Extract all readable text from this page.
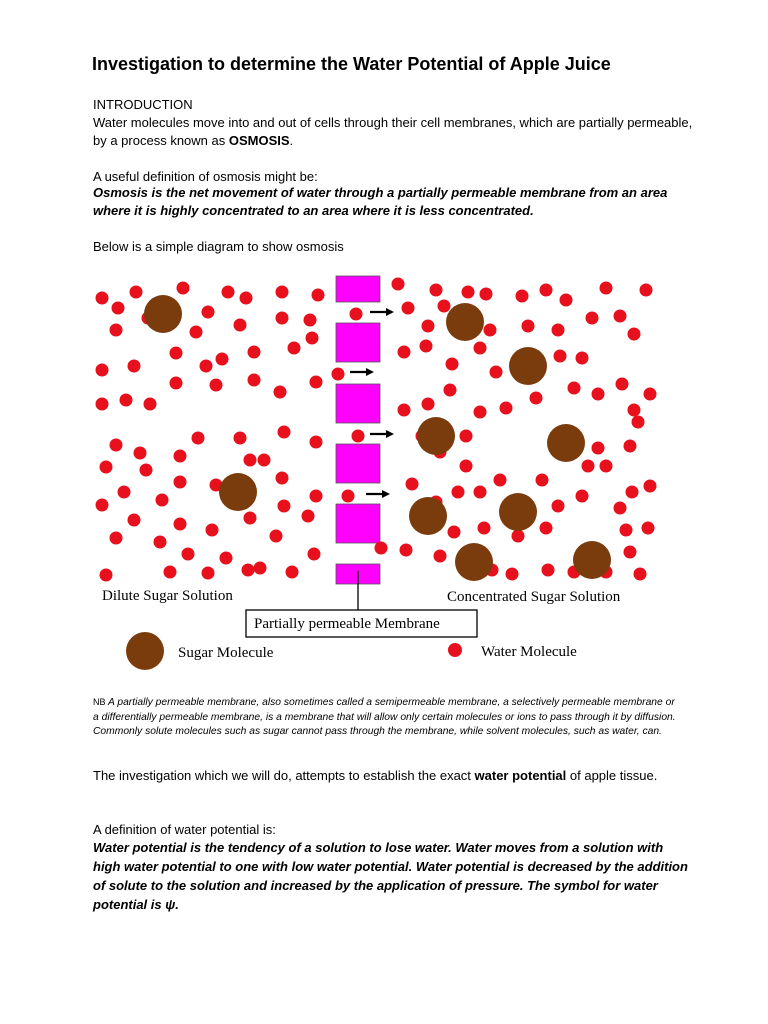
Investigation to determine the Water Potential of Apple Juice
INTRODUCTION
Water molecules move into and out of cells through their cell membranes, which are partially permeable, by a process known as OSMOSIS.
A useful definition of osmosis might be:
Osmosis is the net movement of water through a partially permeable membrane from an area where it is highly concentrated to an area where it is less concentrated.
Below is a simple diagram to show osmosis
Dilute Sugar Solution	Concentrated Sugar Solution
Partially permeable Membrane
Sugar Molecule	Water Molecule
NB A partially permeable membrane, also sometimes called a semipermeable membrane, a selectively permeable membrane or a differentially permeable membrane, is a membrane that will allow only certain molecules or ions to pass through it by diffusion. Commonly solute molecules such as sugar cannot pass through the membrane, while solvent molecules, such as water, can.
The investigation which we will do, attempts to establish the exact water potential of apple tissue.
A definition of water potential is:
Water potential is the tendency of a solution to lose water. Water moves from a solution with high water potential to one with low water potential. Water potential is decreased by the addition of solute to the solution and increased by the application of pressure. The symbol for water potential is ψ.
